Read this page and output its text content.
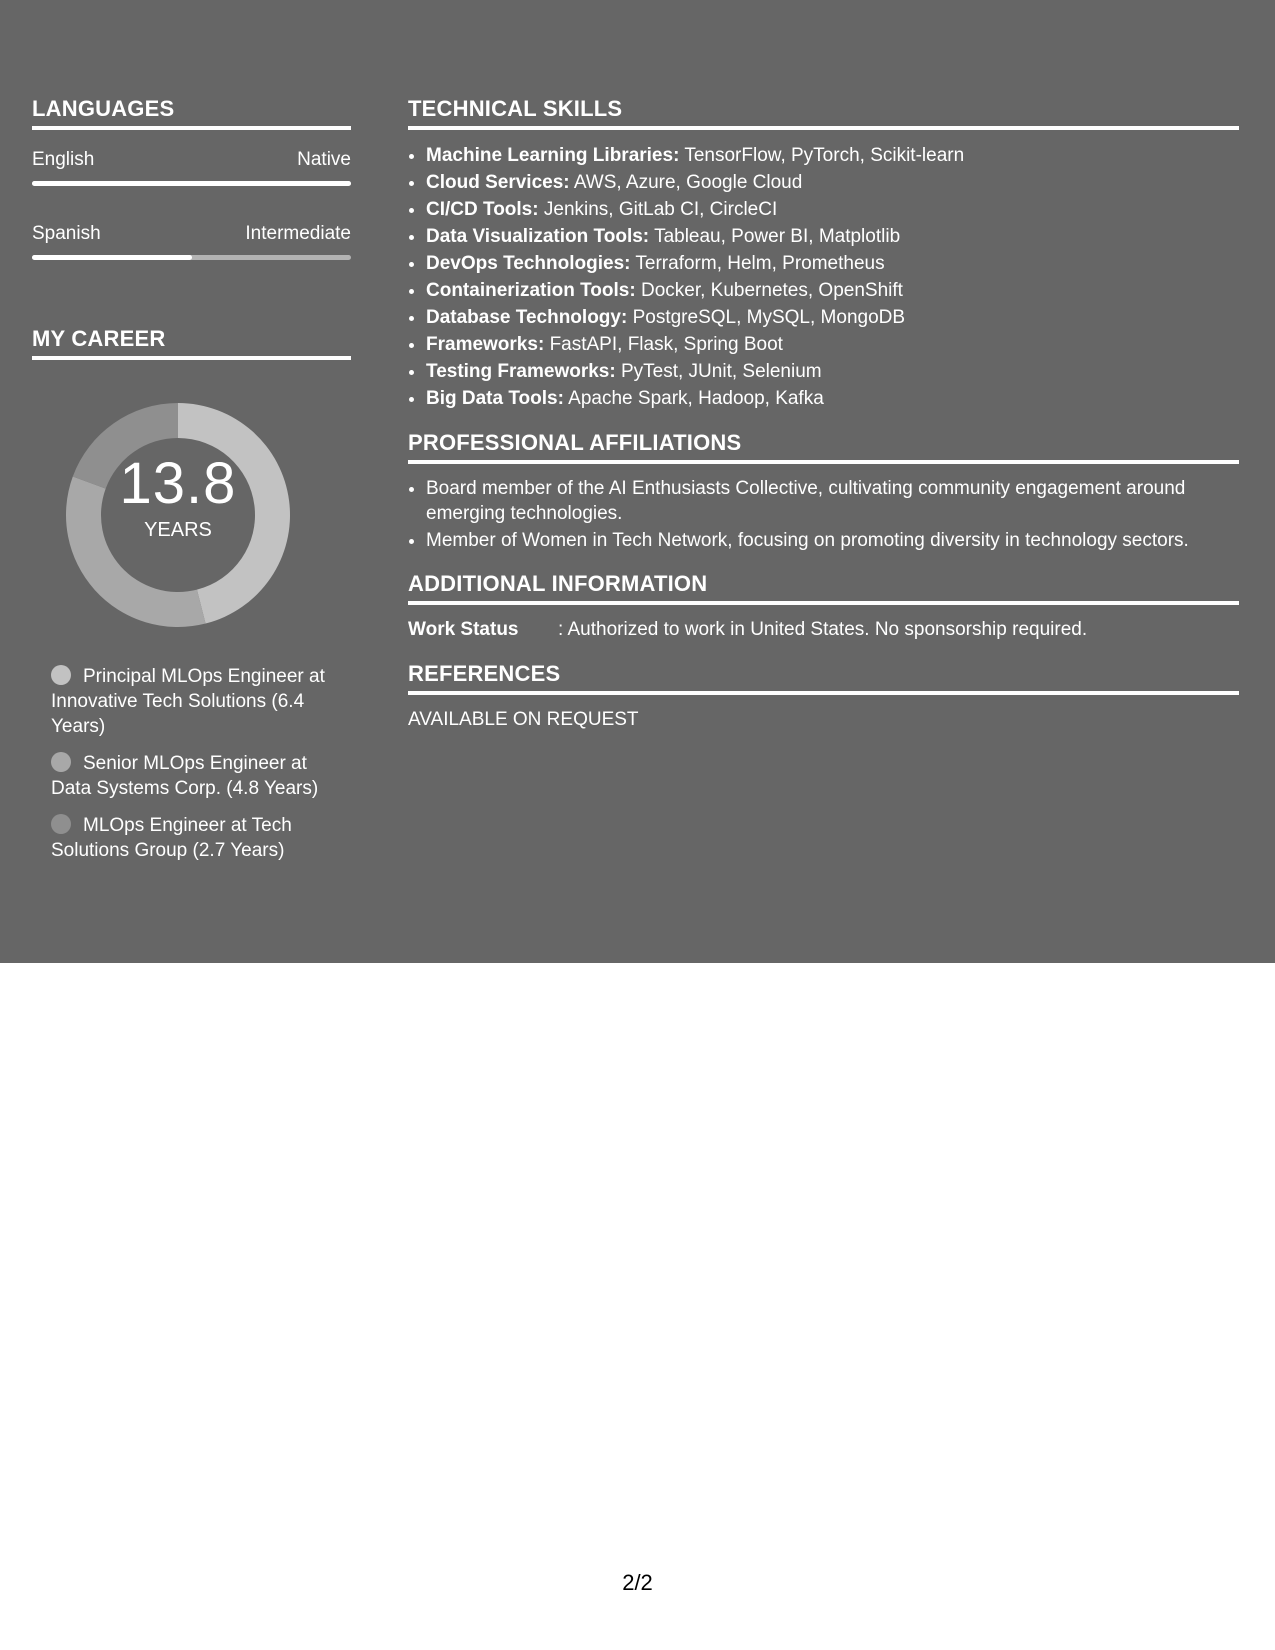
LANGUAGES
English	Native
Spanish	Intermediate
MY CAREER
13.8
YEARS
Principal MLOps Engineer at Innovative Tech Solutions (6.4 Years)
Senior MLOps Engineer at Data Systems Corp. (4.8 Years)
MLOps Engineer at Tech Solutions Group (2.7 Years)
TECHNICAL SKILLS
• Machine Learning Libraries: TensorFlow, PyTorch, Scikit-learn
• Cloud Services: AWS, Azure, Google Cloud
• CI/CD Tools: Jenkins, GitLab CI, CircleCI
• Data Visualization Tools: Tableau, Power BI, Matplotlib
• DevOps Technologies: Terraform, Helm, Prometheus
• Containerization Tools: Docker, Kubernetes, OpenShift
• Database Technology: PostgreSQL, MySQL, MongoDB
• Frameworks: FastAPI, Flask, Spring Boot
• Testing Frameworks: PyTest, JUnit, Selenium
• Big Data Tools: Apache Spark, Hadoop, Kafka
PROFESSIONAL AFFILIATIONS
• Board member of the AI Enthusiasts Collective, cultivating community engagement around emerging technologies.
• Member of Women in Tech Network, focusing on promoting diversity in technology sectors.
ADDITIONAL INFORMATION
Work Status	: Authorized to work in United States. No sponsorship required.
REFERENCES
AVAILABLE ON REQUEST
2/2
